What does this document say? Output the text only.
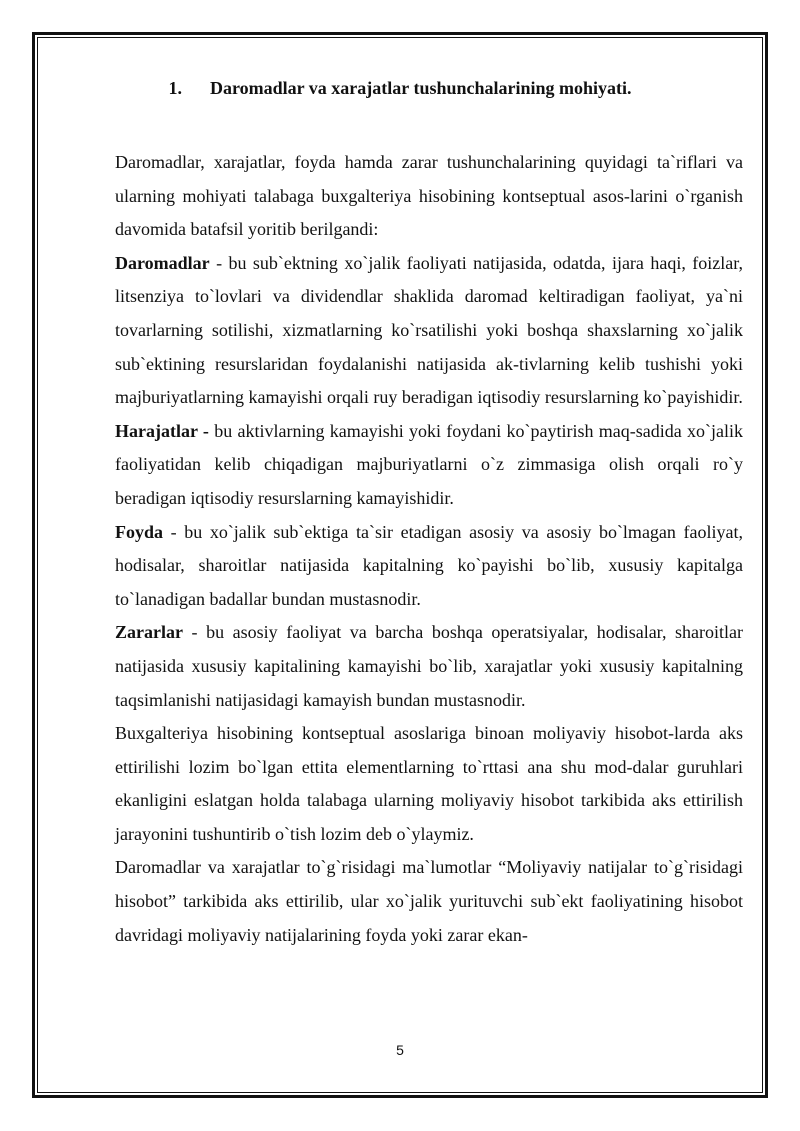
1. Daromadlar va xarajatlar tushunchalarining mohiyati.

Daromadlar, xarajatlar, foyda hamda zarar tushunchalarining quyidagi ta`riflari va ularning mohiyati talabaga buxgalteriya hisobining kontseptual asos-larini o`rganish davomida batafsil yoritib berilgandi:

Daromadlar - bu sub`ektning xo`jalik faoliyati natijasida, odatda, ijara haqi, foizlar, litsenziya to`lovlari va dividendlar shaklida daromad keltiradigan faoliyat, ya`ni tovarlarning sotilishi, xizmatlarning ko`rsatilishi yoki boshqa shaxslarning xo`jalik sub`ektining resurslaridan foydalanishi natijasida ak-tivlarning kelib tushishi yoki majburiyatlarning kamayishi orqali ruy beradigan iqtisodiy resurslarning ko`payishidir.

Harajatlar - bu aktivlarning kamayishi yoki foydani ko`paytirish maq-sadida xo`jalik faoliyatidan kelib chiqadigan majburiyatlarni o`z zimmasiga olish orqali ro`y beradigan iqtisodiy resurslarning kamayishidir.

Foyda - bu xo`jalik sub`ektiga ta`sir etadigan asosiy va asosiy bo`lmagan faoliyat, hodisalar, sharoitlar natijasida kapitalning ko`payishi bo`lib, xususiy kapitalga to`lanadigan badallar bundan mustasnodir.

Zararlar - bu asosiy faoliyat va barcha boshqa operatsiyalar, hodisalar, sharoitlar natijasida xususiy kapitalining kamayishi bo`lib, xarajatlar yoki xususiy kapitalning taqsimlanishi natijasidagi kamayish bundan mustasnodir.

Buxgalteriya hisobining kontseptual asoslariga binoan moliyaviy hisobot-larda aks ettirilishi lozim bo`lgan ettita elementlarning to`rttasi ana shu mod-dalar guruhlari ekanligini eslatgan holda talabaga ularning moliyaviy hisobot tarkibida aks ettirilish jarayonini tushuntirib o`tish lozim deb o`ylaymiz.

Daromadlar va xarajatlar to`g`risidagi ma`lumotlar “Moliyaviy natijalar to`g`risidagi hisobot” tarkibida aks ettirilib, ular xo`jalik yurituvchi sub`ekt faoliyatining hisobot davridagi moliyaviy natijalarining foyda yoki zarar ekan-

5
